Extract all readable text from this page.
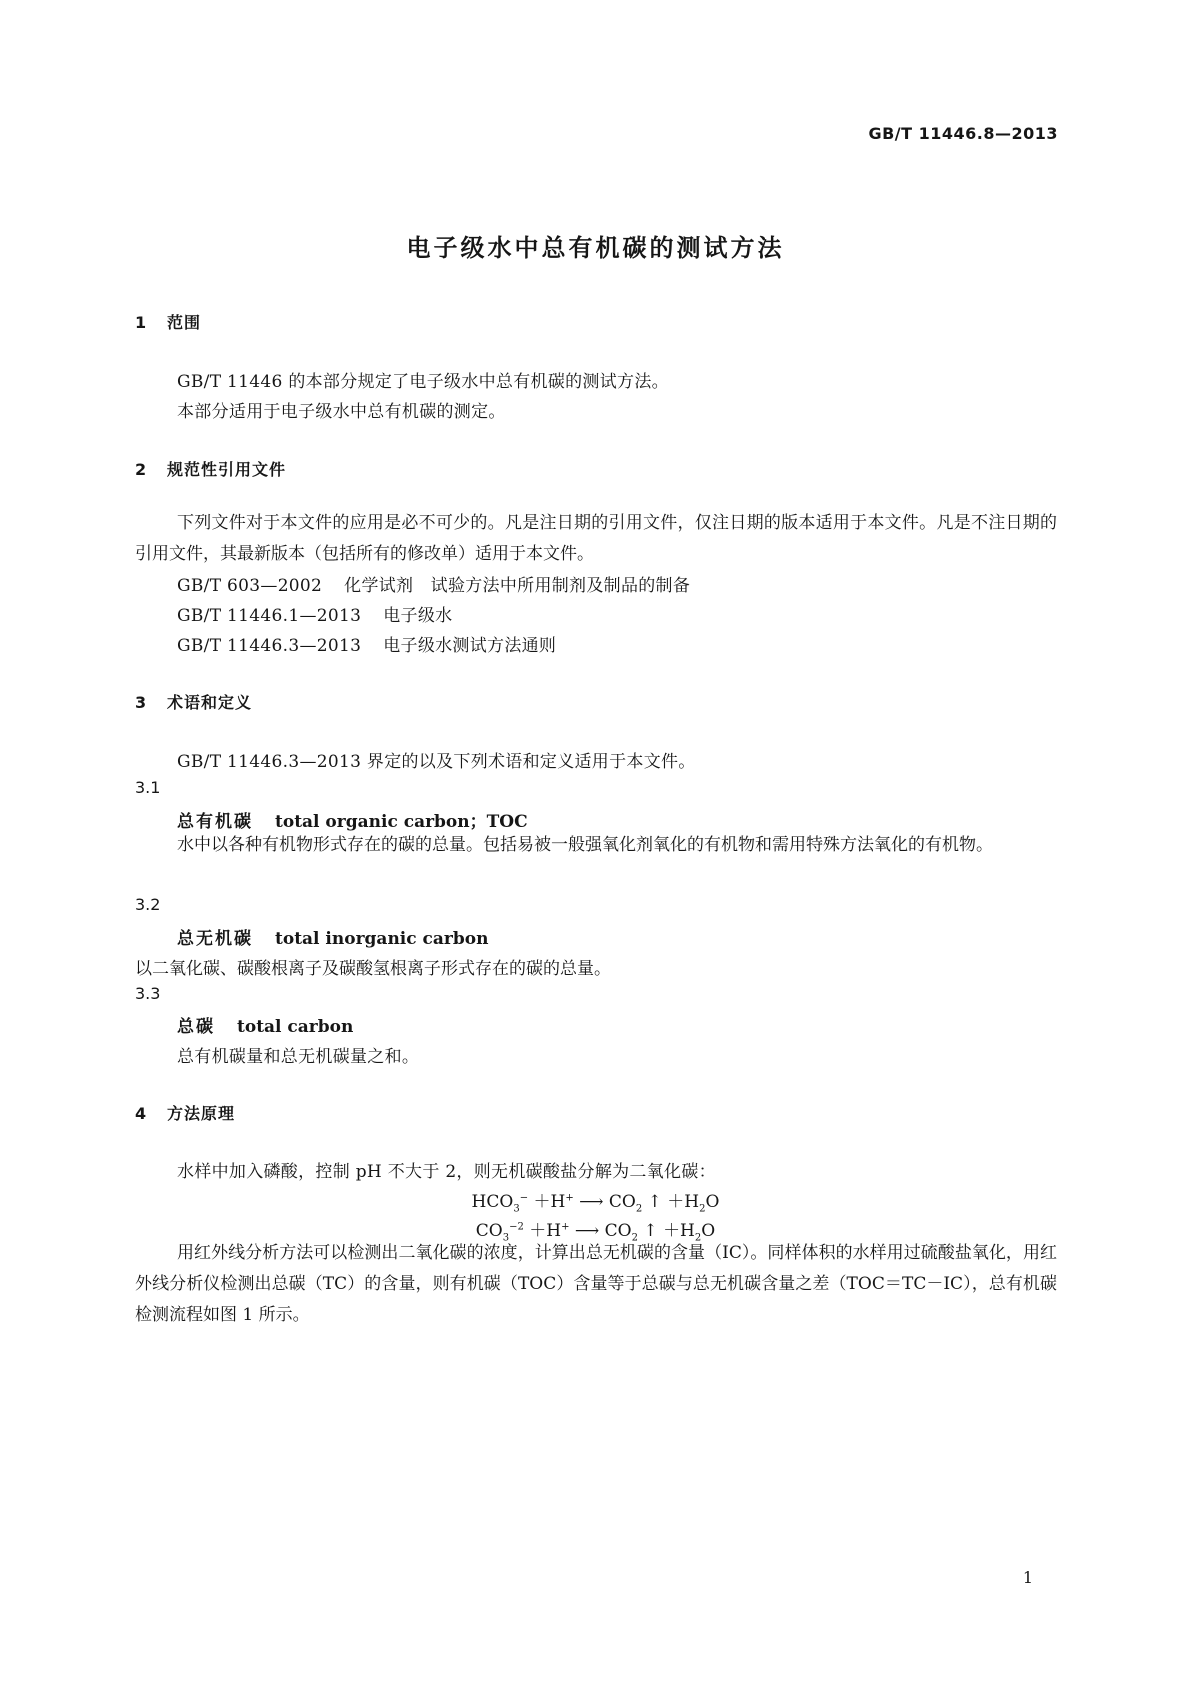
GB/T 11446.8—2013
电子级水中总有机碳的测试方法
1 范围
GB/T 11446 的本部分规定了电子级水中总有机碳的测试方法。
本部分适用于电子级水中总有机碳的测定。
2 规范性引用文件
下列文件对于本文件的应用是必不可少的。凡是注日期的引用文件，仅注日期的版本适用于本文件。凡是不注日期的引用文件，其最新版本（包括所有的修改单）适用于本文件。
GB/T 603—2002 化学试剂　试验方法中所用制剂及制品的制备
GB/T 11446.1—2013 电子级水
GB/T 11446.3—2013 电子级水测试方法通则
3 术语和定义
GB/T 11446.3—2013 界定的以及下列术语和定义适用于本文件。
3.1
总有机碳 total organic carbon；TOC
水中以各种有机物形式存在的碳的总量。包括易被一般强氧化剂氧化的有机物和需用特殊方法氧化的有机物。
3.2
总无机碳 total inorganic carbon
以二氧化碳、碳酸根离子及碳酸氢根离子形式存在的碳的总量。
3.3
总碳 total carbon
总有机碳量和总无机碳量之和。
4 方法原理
水样中加入磷酸，控制 pH 不大于 2，则无机碳酸盐分解为二氧化碳：
$HCO_3^- +H^+$ ⟶ $CO_2$ ↑ $+H_2O$
$CO_3^{-2} +H^+$ ⟶ $CO_2$ ↑ $+H_2O$
用红外线分析方法可以检测出二氧化碳的浓度，计算出总无机碳的含量（IC）。同样体积的水样用过硫酸盐氧化，用红外线分析仪检测出总碳（TC）的含量，则有机碳（TOC）含量等于总碳与总无机碳含量之差（TOC＝TC－IC），总有机碳检测流程如图 1 所示。
1
